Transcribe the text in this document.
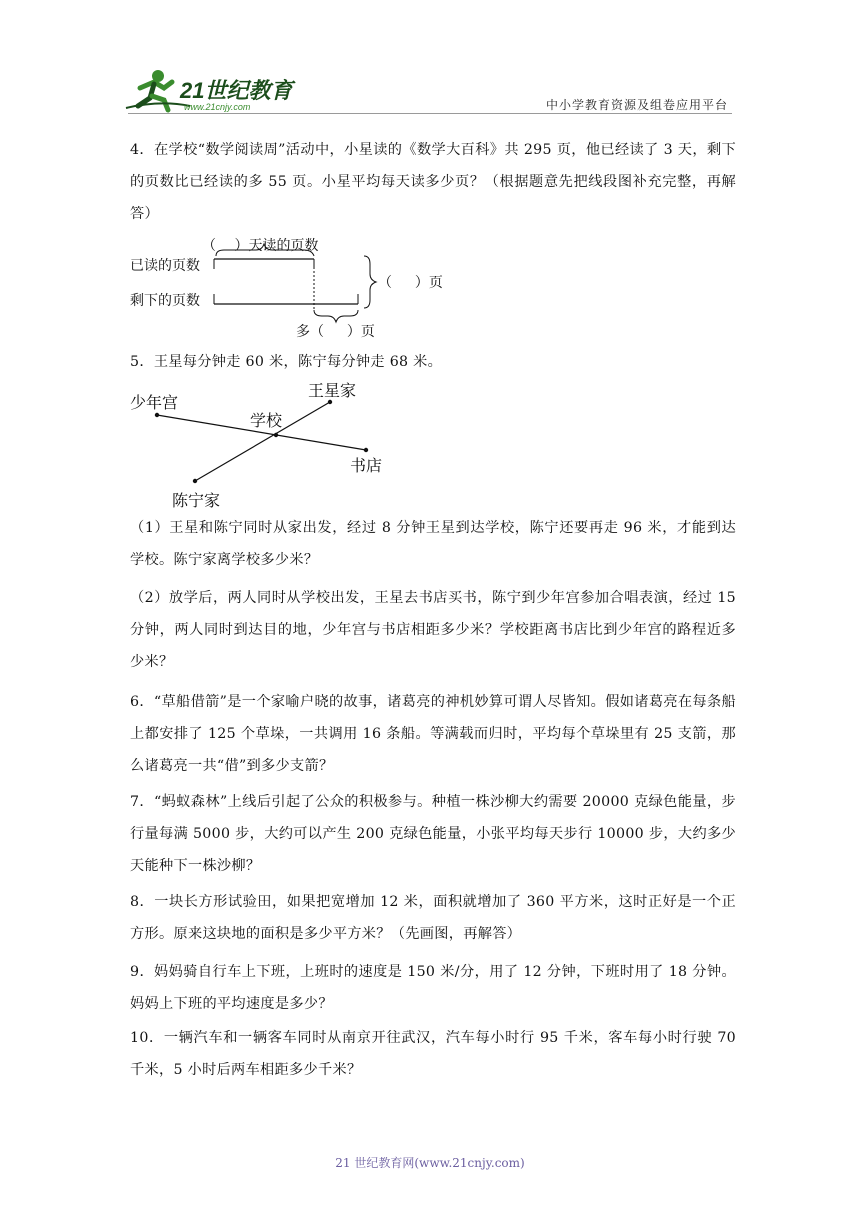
21世纪教育
www.21cnjy.com	中小学教育资源及组卷应用平台
4．在学校“数学阅读周”活动中，小星读的《数学大百科》共 295 页，他已经读了 3 天，剩下的页数比已经读的多 55 页。小星平均每天读多少页？（根据题意先把线段图补充完整，再解答）
（ 　）天读的页数
已读的页数
剩下的页数
（ 　 ）页
多（ 　 ）页
5．王星每分钟走 60 米，陈宁每分钟走 68 米。
少年宫
王星家
学校
书店
陈宁家
（1）王星和陈宁同时从家出发，经过 8 分钟王星到达学校，陈宁还要再走 96 米，才能到达学校。陈宁家离学校多少米？
（2）放学后，两人同时从学校出发，王星去书店买书，陈宁到少年宫参加合唱表演，经过 15 分钟，两人同时到达目的地，少年宫与书店相距多少米？学校距离书店比到少年宫的路程近多少米？
6．“草船借箭”是一个家喻户晓的故事，诸葛亮的神机妙算可谓人尽皆知。假如诸葛亮在每条船上都安排了 125 个草垛，一共调用 16 条船。等满载而归时，平均每个草垛里有 25 支箭，那么诸葛亮一共“借”到多少支箭？
7．“蚂蚁森林”上线后引起了公众的积极参与。种植一株沙柳大约需要 20000 克绿色能量，步行量每满 5000 步，大约可以产生 200 克绿色能量，小张平均每天步行 10000 步，大约多少天能种下一株沙柳？
8．一块长方形试验田，如果把宽增加 12 米，面积就增加了 360 平方米，这时正好是一个正方形。原来这块地的面积是多少平方米？（先画图，再解答）
9．妈妈骑自行车上下班，上班时的速度是 150 米/分，用了 12 分钟，下班时用了 18 分钟。妈妈上下班的平均速度是多少？
10．一辆汽车和一辆客车同时从南京开往武汉，汽车每小时行 95 千米，客车每小时行驶 70 千米，5 小时后两车相距多少千米？
21 世纪教育网(www.21cnjy.com)
